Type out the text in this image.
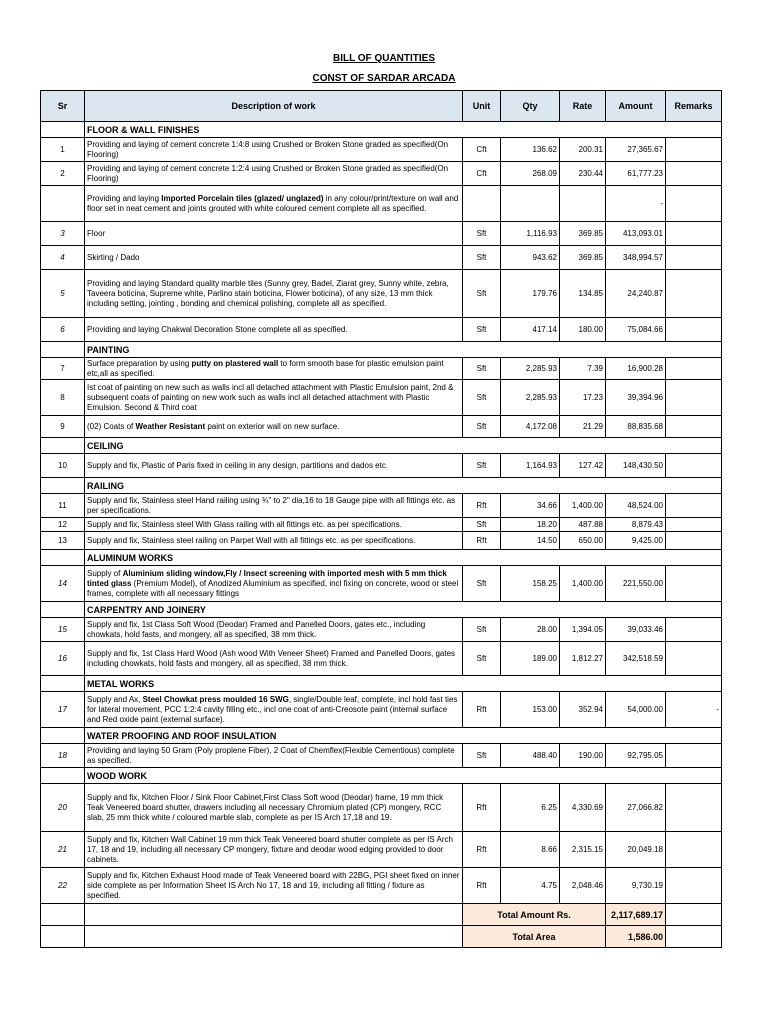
BILL OF QUANTITIES
CONST OF SARDAR ARCADA
Sr	Description of work	Unit	Qty	Rate	Amount	Remarks
	FLOOR & WALL FINISHES					
1	Providing and laying of cement concrete 1:4:8 using Crushed or Broken Stone graded as specified(On Flooring)	Cft	136.62	200.31	27,365.67	
2	Providing and laying of cement concrete 1:2:4 using Crushed or Broken Stone graded as specified(On Flooring)	Cft	268.09	230.44	61,777.23	
	Providing and laying Imported Porcelain tiles (glazed/ unglazed) in any colour/print/texture on wall and floor set in neat cement and joints grouted with white coloured cement complete all as specified.				-	
3	Floor	Sft	1,116.93	369.85	413,093.01	
4	Skirting / Dado	Sft	943.62	369.85	348,994.57	
5	Providing and laying Standard quality marble tiles (Sunny grey, Badel, Ziarat grey, Sunny white, zebra, Taveera boticina, Supreme white, Parlino stain boticina, Flower boticina), of any size, 13 mm thick including setting, jointing , bonding and chemical polishing, complete all as specified.	Sft	179.76	134.85	24,240.87	
6	Providing and laying Chakwal Decoration Stone complete all as specified.	Sft	417.14	180.00	75,084.66	
	PAINTING					
7	Surface preparation by using putty on plastered wall to form smooth base for plastic emulsion paint etc,all as specified.	Sft	2,285.93	7.39	16,900.28	
8	Ist coat of painting on new such as walls incl all detached attachment with Plastic Emulsion paint, 2nd & subsequent coats of painting on new work such as walls incl all detached attachment with Plastic Emulsion. Second & Third coat	Sft	2,285.93	17.23	39,394.96	
9	(02) Coats of Weather Resistant paint on exterior wall on new surface.	Sft	4,172.08	21.29	88,835.68	
	CEILING					
10	Supply and fix, Plastic of Paris fixed in ceiling in any design, partitions and dados etc.	Sft	1,164.93	127.42	148,430.50	
	RAILING					
11	Supply and fix, Stainless steel Hand railing using ¾" to 2" dia,16 to 18 Gauge pipe with all fittings etc. as per specifications.	Rft	34.66	1,400.00	48,524.00	
12	Supply and fix, Stainless steel With Glass railing with all fittings etc. as per specifications.	Sft	18.20	487.88	8,879.43	
13	Supply and fix, Stainless steel railing on Parpet Wall with all fittings etc. as per specifications.	Rft	14.50	650.00	9,425.00	
	ALUMINUM WORKS					
14	Supply of Aluminium sliding window,Fly / Insect screening with imported mesh with 5 mm thick tinted glass (Premium Model), of Anodized Aluminium as specified, incl fixing on concrete, wood or steel frames, complete with all necessary fittings	Sft	158.25	1,400.00	221,550.00	
	CARPENTRY AND JOINERY					
15	Supply and fix, 1st Class Soft Wood (Deodar) Framed and Panelled Doors, gates etc., including chowkats, hold fasts, and mongery, all as specified, 38 mm thick.	Sft	28.00	1,394.05	39,033.46	
16	Supply and fix, 1st Class Hard Wood (Ash wood With Veneer Sheet) Framed and Panelled Doors, gates including chowkats, hold fasts and mongery, all as specified, 38 mm thick.	Sft	189.00	1,812.27	342,518.59	
	METAL WORKS					
17	Supply and Ax, Steel Chowkat press moulded 16 SWG, single/Double leaf, complete, incl hold fast ties for lateral movement, PCC 1:2:4 cavity filling etc., incl one coat of anti-Creosote paint (internal surface and Red oxide paint (external surface).	Rft	153.00	352.94	54,000.00	-
	WATER PROOFING AND ROOF INSULATION					
18	Providing and laying 50 Gram (Poly proplene Fiber), 2 Coat of Chemflex(Flexible Cementious) complete as specified.	Sft	488.40	190.00	92,795.05	
	WOOD WORK					
20	Supply and fix, Kitchen Floor / Sink Floor Cabinet,First Class Soft wood (Deodar) frame, 19 mm thick Teak Veneered board shutter, drawers including all necessary Chromium plated (CP) mongery, RCC slab, 25 mm thick white / coloured marble slab, complete as per IS Arch 17,18 and 19.	Rft	6.25	4,330.69	27,066.82	
21	Supply and fix, Kitchen Wall Cabinet 19 mm thick Teak Veneered board shutter complete as per IS Arch 17, 18 and 19, including all necessary CP mongery, fixture and deodar wood edging provided to door cabinets.	Rft	8.66	2,315.15	20,049.18	
22	Supply and fix, Kitchen Exhaust Hood made of Teak Veneered board with 22BG, PGI sheet fixed on inner side complete as per Information Sheet IS Arch No 17, 18 and 19, including all fitting / fixture as specified.	Rft	4.75	2,048.46	9,730.19	
		Total Amount Rs.			2,117,689.17	
		Total Area			1,586.00	
